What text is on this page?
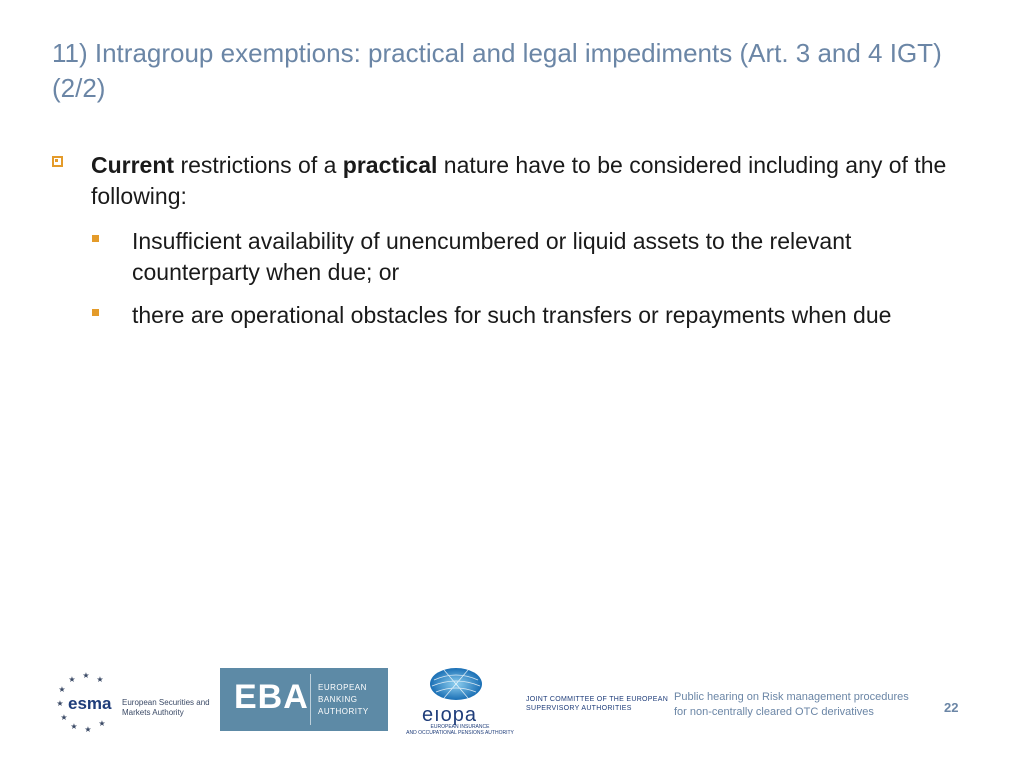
11) Intragroup exemptions: practical and legal impediments (Art. 3 and 4 IGT) (2/2)
Current restrictions of a practical nature have to be considered including any of the following:
Insufficient availability of unencumbered or liquid assets to the relevant counterparty when due; or
there are operational obstacles for such transfers or repayments when due
★ ★
★
★
★
★
★ ★
★
esma European Securities and
Markets Authority	EBA EUROPEAN
BANKING
AUTHORITY	eıopa
EUROPEAN INSURANCE
AND OCCUPATIONAL PENSIONS AUTHORITY
JOINT COMMITTEE OF THE EUROPEAN
SUPERVISORY AUTHORITIES
Public hearing on Risk management procedures
for non-centrally cleared OTC derivatives	22
